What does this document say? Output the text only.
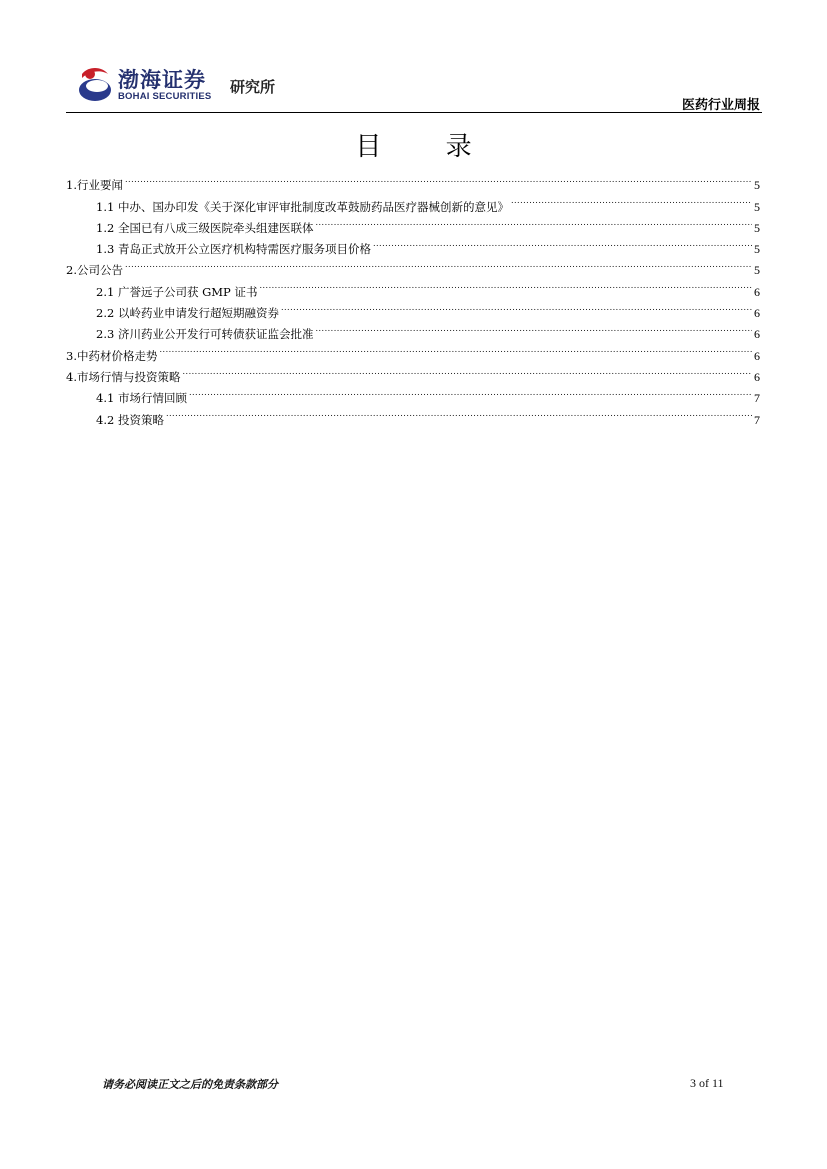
渤海证券
BOHAI SECURITIES
研究所
医药行业周报
目 录
1.行业要闻 .....	5
1.1 中办、国办印发《关于深化审评审批制度改革鼓励药品医疗器械创新的意见》 .....	5
1.2 全国已有八成三级医院牵头组建医联体 .....	5
1.3 青岛正式放开公立医疗机构特需医疗服务项目价格 .....	5
2.公司公告 .....	5
2.1 广誉远子公司获 GMP 证书 .....	6
2.2 以岭药业申请发行超短期融资券 .....	6
2.3 济川药业公开发行可转债获证监会批准 .....	6
3.中药材价格走势 .....	6
4.市场行情与投资策略 .....	6
4.1 市场行情回顾 .....	7
4.2 投资策略 .....	7
请务必阅读正文之后的免责条款部分	3 of 11
